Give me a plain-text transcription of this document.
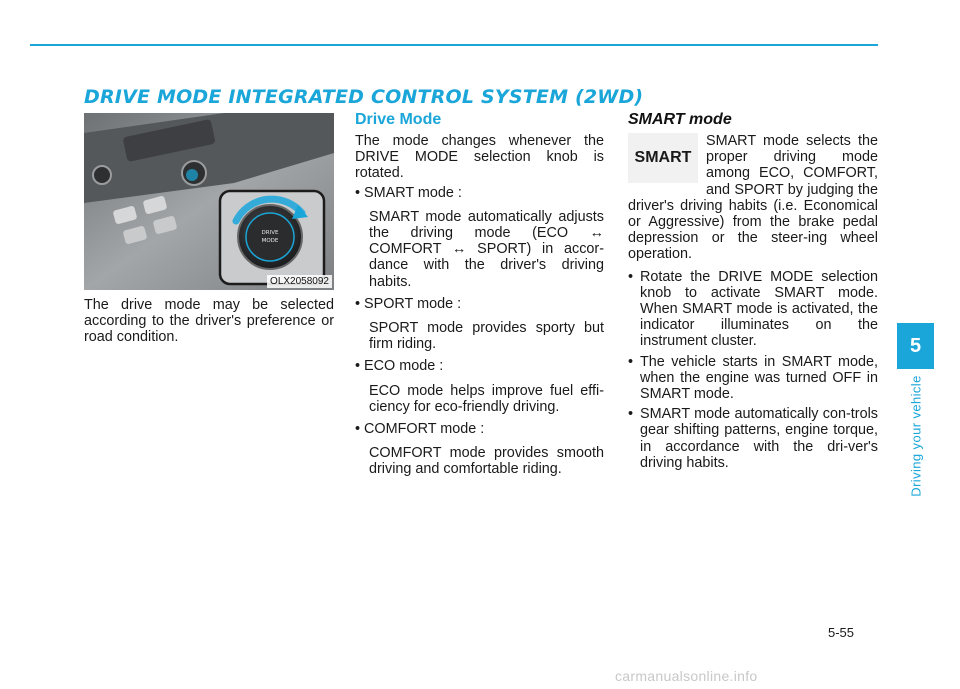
DRIVE MODE INTEGRATED CONTROL SYSTEM (2WD)
DRIVE
MODE
OLX2058092

The drive mode may be selected according to the driver's preference or road condition.

Drive Mode

The mode changes whenever the DRIVE MODE selection knob is rotated.

• SMART mode :
SMART mode automatically adjusts the driving mode (ECO ↔ COMFORT ↔ SPORT) in accor-dance with the driver's driving habits.
• SPORT mode :
SPORT mode provides sporty but firm riding.
• ECO mode :
ECO mode helps improve fuel effi-ciency for eco-friendly driving.
• COMFORT mode :
COMFORT mode provides smooth driving and comfortable riding.
SMART mode
SMART

SMART mode selects the proper driving mode among ECO, COMFORT, and SPORT by judging the driver's driving habits (i.e. Economical or Aggressive) from the brake pedal depression or the steer-ing wheel operation.

• Rotate the DRIVE MODE selection knob to activate SMART mode. When SMART mode is activated, the indicator illuminates on the instrument cluster.
• The vehicle starts in SMART mode, when the engine was turned OFF in SMART mode.
• SMART mode automatically con-trols gear shifting patterns, engine torque, in accordance with the dri-ver's driving habits.
5
Driving your vehicle
5-55
carmanualsonline.info
